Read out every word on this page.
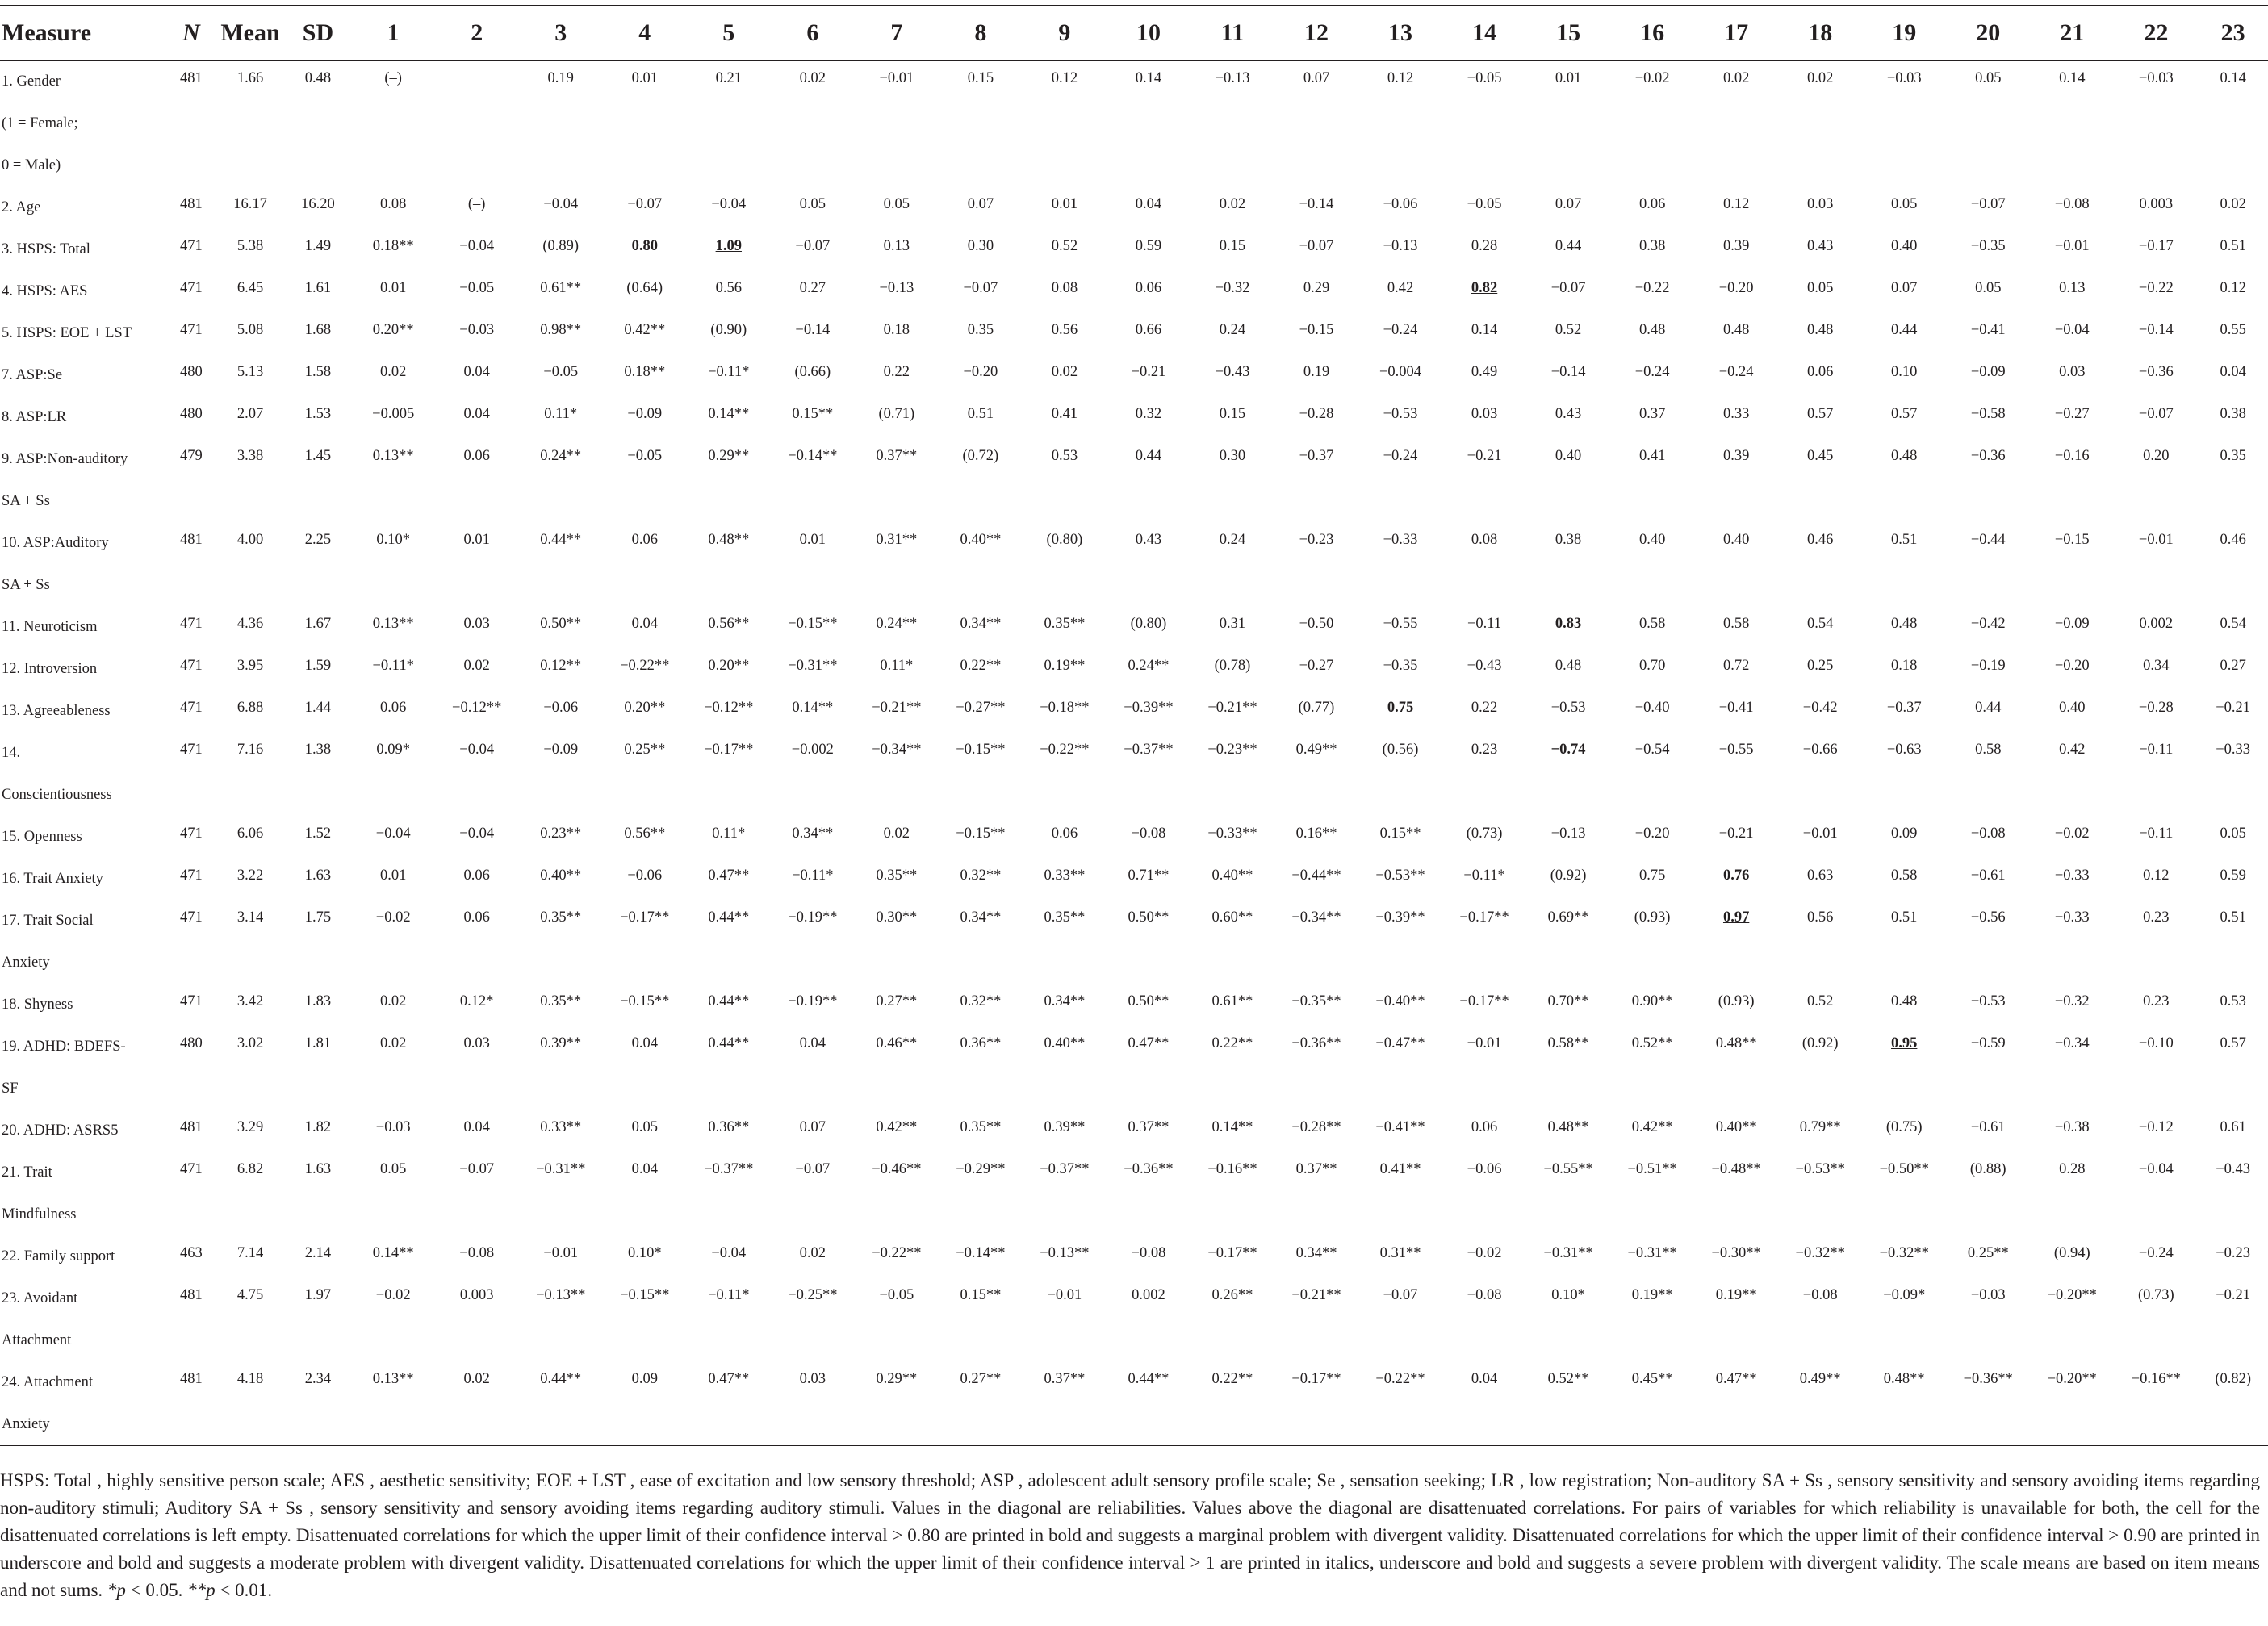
Measure	N	Mean	SD	1	2	3	4	5	6	7	8	9	10	11	12	13	14	15	16	17	18	19	20	21	22	23

1. Gender
(1 = Female;
0 = Male)	481	1.66	0.48	(–)		0.19	0.01	0.21	0.02	−0.01	0.15	0.12	0.14	−0.13	0.07	0.12	−0.05	0.01	−0.02	0.02	0.02	−0.03	0.05	0.14	−0.03	0.14

2. Age	481	16.17	16.20	0.08	(–)	−0.04	−0.07	−0.04	0.05	0.05	0.07	0.01	0.04	0.02	−0.14	−0.06	−0.05	0.07	0.06	0.12	0.03	0.05	−0.07	−0.08	0.003	0.02

3. HSPS: Total	471	5.38	1.49	0.18**	−0.04	(0.89)	0.80	1.09	−0.07	0.13	0.30	0.52	0.59	0.15	−0.07	−0.13	0.28	0.44	0.38	0.39	0.43	0.40	−0.35	−0.01	−0.17	0.51

4. HSPS: AES	471	6.45	1.61	0.01	−0.05	0.61**	(0.64)	0.56	0.27	−0.13	−0.07	0.08	0.06	−0.32	0.29	0.42	0.82	−0.07	−0.22	−0.20	0.05	0.07	0.05	0.13	−0.22	0.12

5. HSPS: EOE + LST	471	5.08	1.68	0.20**	−0.03	0.98**	0.42**	(0.90)	−0.14	0.18	0.35	0.56	0.66	0.24	−0.15	−0.24	0.14	0.52	0.48	0.48	0.48	0.44	−0.41	−0.04	−0.14	0.55

7. ASP:Se	480	5.13	1.58	0.02	0.04	−0.05	0.18**	−0.11*	(0.66)	0.22	−0.20	0.02	−0.21	−0.43	0.19	−0.004	0.49	−0.14	−0.24	−0.24	0.06	0.10	−0.09	0.03	−0.36	0.04

8. ASP:LR	480	2.07	1.53	−0.005	0.04	0.11*	−0.09	0.14**	0.15**	(0.71)	0.51	0.41	0.32	0.15	−0.28	−0.53	0.03	0.43	0.37	0.33	0.57	0.57	−0.58	−0.27	−0.07	0.38

9. ASP:Non-auditory
SA + Ss	479	3.38	1.45	0.13**	0.06	0.24**	−0.05	0.29**	−0.14**	0.37**	(0.72)	0.53	0.44	0.30	−0.37	−0.24	−0.21	0.40	0.41	0.39	0.45	0.48	−0.36	−0.16	0.20	0.35

10. ASP:Auditory
SA + Ss	481	4.00	2.25	0.10*	0.01	0.44**	0.06	0.48**	0.01	0.31**	0.40**	(0.80)	0.43	0.24	−0.23	−0.33	0.08	0.38	0.40	0.40	0.46	0.51	−0.44	−0.15	−0.01	0.46

11. Neuroticism	471	4.36	1.67	0.13**	0.03	0.50**	0.04	0.56**	−0.15**	0.24**	0.34**	0.35**	(0.80)	0.31	−0.50	−0.55	−0.11	0.83	0.58	0.58	0.54	0.48	−0.42	−0.09	0.002	0.54

12. Introversion	471	3.95	1.59	−0.11*	0.02	0.12**	−0.22**	0.20**	−0.31**	0.11*	0.22**	0.19**	0.24**	(0.78)	−0.27	−0.35	−0.43	0.48	0.70	0.72	0.25	0.18	−0.19	−0.20	0.34	0.27

13. Agreeableness	471	6.88	1.44	0.06	−0.12**	−0.06	0.20**	−0.12**	0.14**	−0.21**	−0.27**	−0.18**	−0.39**	−0.21**	(0.77)	0.75	0.22	−0.53	−0.40	−0.41	−0.42	−0.37	0.44	0.40	−0.28	−0.21

14.
Conscientiousness	471	7.16	1.38	0.09*	−0.04	−0.09	0.25**	−0.17**	−0.002	−0.34**	−0.15**	−0.22**	−0.37**	−0.23**	0.49**	(0.56)	0.23	−0.74	−0.54	−0.55	−0.66	−0.63	0.58	0.42	−0.11	−0.33

15. Openness	471	6.06	1.52	−0.04	−0.04	0.23**	0.56**	0.11*	0.34**	0.02	−0.15**	0.06	−0.08	−0.33**	0.16**	0.15**	(0.73)	−0.13	−0.20	−0.21	−0.01	0.09	−0.08	−0.02	−0.11	0.05

16. Trait Anxiety	471	3.22	1.63	0.01	0.06	0.40**	−0.06	0.47**	−0.11*	0.35**	0.32**	0.33**	0.71**	0.40**	−0.44**	−0.53**	−0.11*	(0.92)	0.75	0.76	0.63	0.58	−0.61	−0.33	0.12	0.59

17. Trait Social
Anxiety	471	3.14	1.75	−0.02	0.06	0.35**	−0.17**	0.44**	−0.19**	0.30**	0.34**	0.35**	0.50**	0.60**	−0.34**	−0.39**	−0.17**	0.69**	(0.93)	0.97	0.56	0.51	−0.56	−0.33	0.23	0.51

18. Shyness	471	3.42	1.83	0.02	0.12*	0.35**	−0.15**	0.44**	−0.19**	0.27**	0.32**	0.34**	0.50**	0.61**	−0.35**	−0.40**	−0.17**	0.70**	0.90**	(0.93)	0.52	0.48	−0.53	−0.32	0.23	0.53

19. ADHD: BDEFS-
SF	480	3.02	1.81	0.02	0.03	0.39**	0.04	0.44**	0.04	0.46**	0.36**	0.40**	0.47**	0.22**	−0.36**	−0.47**	−0.01	0.58**	0.52**	0.48**	(0.92)	0.95	−0.59	−0.34	−0.10	0.57

20. ADHD: ASRS5	481	3.29	1.82	−0.03	0.04	0.33**	0.05	0.36**	0.07	0.42**	0.35**	0.39**	0.37**	0.14**	−0.28**	−0.41**	0.06	0.48**	0.42**	0.40**	0.79**	(0.75)	−0.61	−0.38	−0.12	0.61

21. Trait
Mindfulness	471	6.82	1.63	0.05	−0.07	−0.31**	0.04	−0.37**	−0.07	−0.46**	−0.29**	−0.37**	−0.36**	−0.16**	0.37**	0.41**	−0.06	−0.55**	−0.51**	−0.48**	−0.53**	−0.50**	(0.88)	0.28	−0.04	−0.43

22. Family support	463	7.14	2.14	0.14**	−0.08	−0.01	0.10*	−0.04	0.02	−0.22**	−0.14**	−0.13**	−0.08	−0.17**	0.34**	0.31**	−0.02	−0.31**	−0.31**	−0.30**	−0.32**	−0.32**	0.25**	(0.94)	−0.24	−0.23

23. Avoidant
Attachment	481	4.75	1.97	−0.02	0.003	−0.13**	−0.15**	−0.11*	−0.25**	−0.05	0.15**	−0.01	0.002	0.26**	−0.21**	−0.07	−0.08	0.10*	0.19**	0.19**	−0.08	−0.09*	−0.03	−0.20**	(0.73)	−0.21

24. Attachment
Anxiety	481	4.18	2.34	0.13**	0.02	0.44**	0.09	0.47**	0.03	0.29**	0.27**	0.37**	0.44**	0.22**	−0.17**	−0.22**	0.04	0.52**	0.45**	0.47**	0.49**	0.48**	−0.36**	−0.20**	−0.16**	(0.82)
HSPS: Total , highly sensitive person scale; AES , aesthetic sensitivity; EOE + LST , ease of excitation and low sensory threshold; ASP , adolescent adult sensory profile scale; Se , sensation seeking; LR , low registration; Non-auditory SA + Ss , sensory sensitivity and sensory avoiding items regarding non-auditory stimuli; Auditory SA + Ss , sensory sensitivity and sensory avoiding items regarding auditory stimuli. Values in the diagonal are reliabilities. Values above the diagonal are disattenuated correlations. For pairs of variables for which reliability is unavailable for both, the cell for the disattenuated correlations is left empty. Disattenuated correlations for which the upper limit of their confidence interval > 0.80 are printed in bold and suggests a marginal problem with divergent validity. Disattenuated correlations for which the upper limit of their confidence interval > 0.90 are printed in underscore and bold and suggests a moderate problem with divergent validity. Disattenuated correlations for which the upper limit of their confidence interval > 1 are printed in italics, underscore and bold and suggests a severe problem with divergent validity. The scale means are based on item means and not sums. *p < 0.05. **p < 0.01.
